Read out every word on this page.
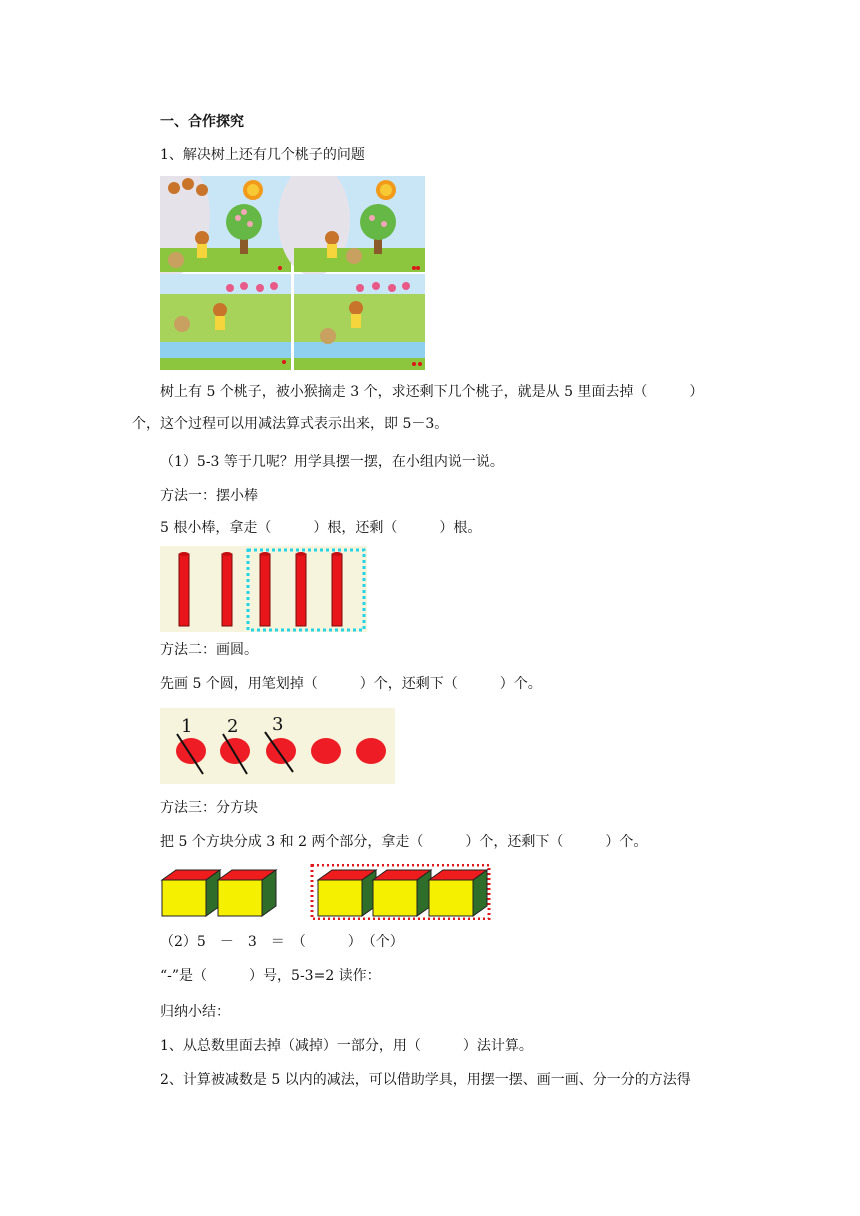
一、合作探究
1、解决树上还有几个桃子的问题
树上有 5 个桃子，被小猴摘走 3 个，求还剩下几个桃子，就是从 5 里面去掉（　　　）
个，这个过程可以用减法算式表示出来，即 5－3。
（1）5-3 等于几呢？用学具摆一摆，在小组内说一说。
方法一：摆小棒
5 根小棒，拿走（　　　）根，还剩（　　　）根。
方法二：画圆。
先画 5 个圆，用笔划掉（　　　）个，还剩下（　　　）个。
1 2 3
方法三：分方块
把 5 个方块分成 3 和 2 两个部分，拿走（　　　）个，还剩下（　　　）个。
（2）5　－　3　＝　（　　　）　（个）
“-”是（　　　）号，5-3=2 读作：
归纳小结：
1、从总数里面去掉（减掉）一部分，用（　　　）法计算。
2、计算被减数是 5 以内的减法，可以借助学具，用摆一摆、画一画、分一分的方法得
